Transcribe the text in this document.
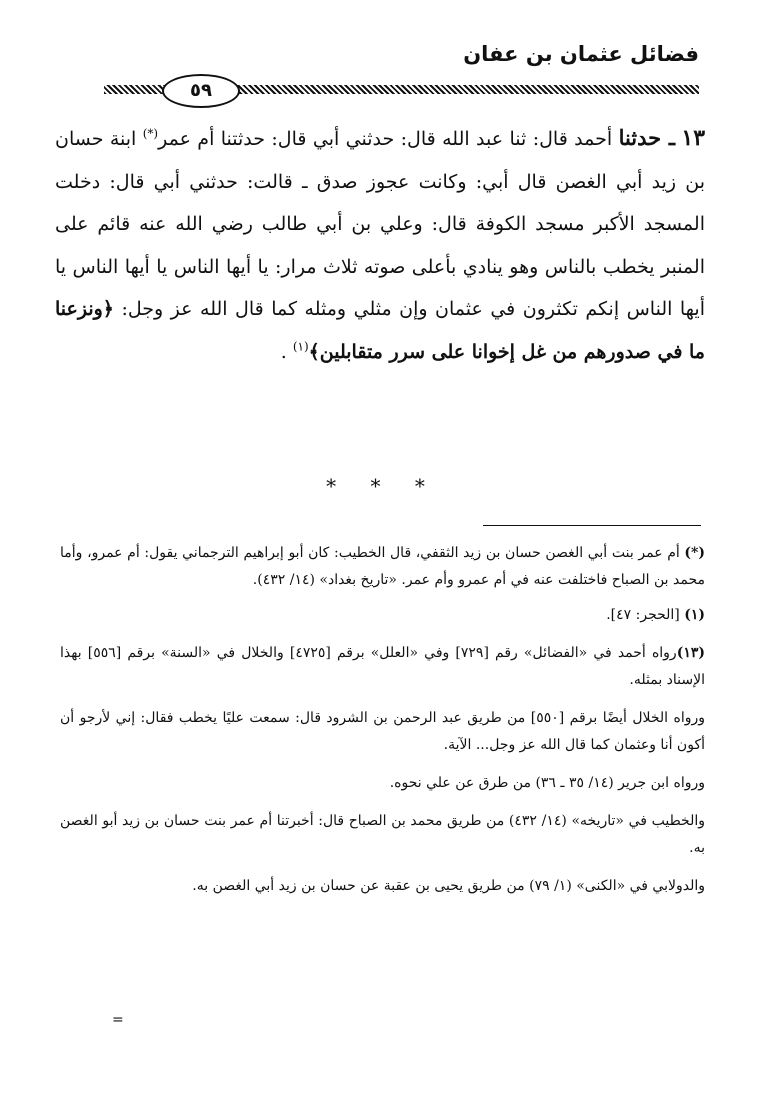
فضائل عثمان بن عفان
٥٩

١٣ ـ حدثنا أحمد قال: ثنا عبد الله قال: حدثني أبي قال: حدثتنا أم عمر(*) ابنة حسان بن زيد أبي الغصن قال أبي: وكانت عجوز صدق ـ قالت: حدثني أبي قال: دخلت المسجد الأكبر مسجد الكوفة قال: وعلي بن أبي طالب رضي الله عنه قائم على المنبر يخطب بالناس وهو ينادي بأعلى صوته ثلاث مرار: يا أيها الناس يا أيها الناس يا أيها الناس إنكم تكثرون في عثمان وإن مثلي ومثله كما قال الله عز وجل: ﴿ونزعنا ما في صدورهم من غل إخوانا على سرر متقابلين﴾$^{(١)}$ .

* * *

(*) أم عمر بنت أبي الغصن حسان بن زيد الثقفي، قال الخطيب: كان أبو إبراهيم الترجماني يقول: أم عمرو، وأما محمد بن الصباح فاختلفت عنه في أم عمرو وأم عمر. «تاريخ بغداد» (١٤/ ٤٣٢).

(١) [الحجر: ٤٧].

(١٣)رواه أحمد في «الفضائل» رقم [٧٢٩] وفي «العلل» برقم [٤٧٢٥] والخلال في «السنة» برقم [٥٥٦] بهذا الإسناد بمثله.

ورواه الخلال أيضًا برقم [٥٥٠] من طريق عبد الرحمن بن الشرود قال: سمعت عليًا يخطب فقال: إني لأرجو أن أكون أنا وعثمان كما قال الله عز وجل... الآية.

ورواه ابن جرير (١٤/ ٣٥ ـ ٣٦) من طرق عن علي نحوه.

والخطيب في «تاريخه» (١٤/ ٤٣٢) من طريق محمد بن الصباح قال: أخبرتنا أم عمر بنت حسان بن زيد أبو الغصن به.

والدولابي في «الكنى» (١/ ٧٩) من طريق يحيى بن عقبة عن حسان بن زيد أبي الغصن به.

=
